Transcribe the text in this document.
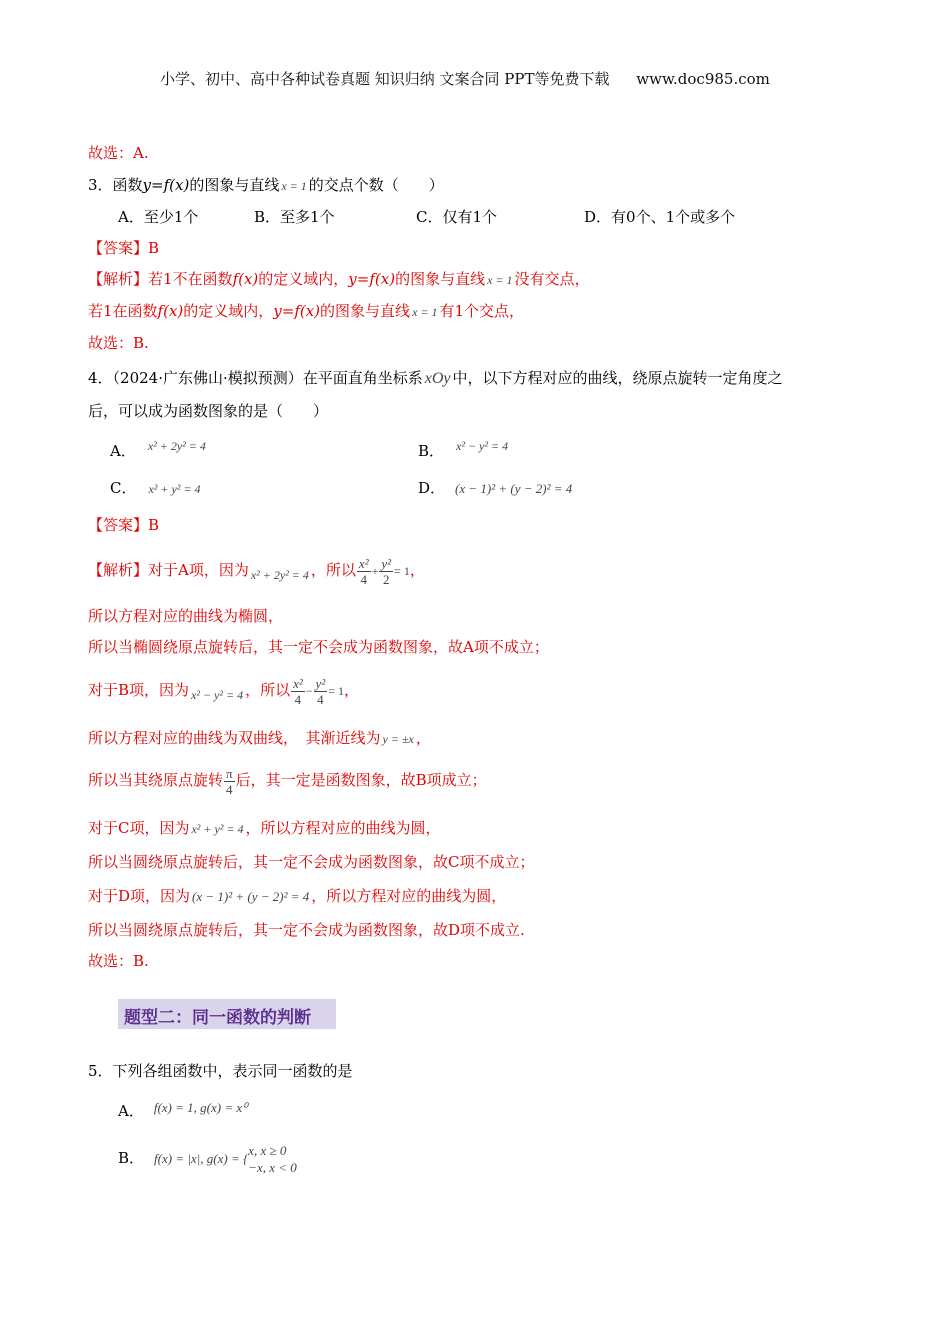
小学、初中、高中各种试卷真题 知识归纳 文案合同 PPT等免费下载 www.doc985.com
故选：A.
3．函数y=f(x)的图象与直线 x = 1 的交点个数（　　）
A．至少1个	B．至多1个	C．仅有1个	D．有0个、1个或多个
【答案】B
【解析】若1不在函数f(x)的定义域内，y=f(x)的图象与直线 x = 1 没有交点，
若1在函数f(x)的定义域内，y=f(x)的图象与直线 x = 1 有1个交点，
故选：B.
4．（2024·广东佛山·模拟预测）在平面直角坐标系 xOy 中，以下方程对应的曲线，绕原点旋转一定角度之
后，可以成为函数图象的是（　　）
A． $^{x^2 + 2y^2 = 4}$	B． $^{x^2 - y^2 = 4}$
C． x² + y² = 4	D． (x − 1)² + (y − 2)² = 4
【答案】B
【解析】对于A项，因为 $_{x^2 + 2y^2 = 4}$ ，所以 $\frac{\text{x²}}{4} + \frac{\text{y²}}{2} = 1$，
所以方程对应的曲线为椭圆，
所以当椭圆绕原点旋转后，其一定不会成为函数图象，故A项不成立；
对于B项，因为 $_{x^2 - y^2 = 4}$ ，所以 $\frac{\text{x²}}{4} - \frac{\text{y²}}{4} = 1$，
所以方程对应的曲线为双曲线，　其渐近线为 y = ±x ，
所以当其绕原点旋转 $\frac{\pi}{4}$ 后，其一定是函数图象，故B项成立；
对于C项，因为 x² + y² = 4 ，所以方程对应的曲线为圆，
所以当圆绕原点旋转后，其一定不会成为函数图象，故C项不成立；
对于D项，因为 (x − 1)² + (y − 2)² = 4 ，所以方程对应的曲线为圆，
所以当圆绕原点旋转后，其一定不会成为函数图象，故D项不成立.
故选：B.
题型二：同一函数的判断
5．下列各组函数中，表示同一函数的是
A． f(x) = 1, g(x) = x⁰
B． f(x) = |x|, g(x) = {
x, x ≥ 0
−x, x < 0
